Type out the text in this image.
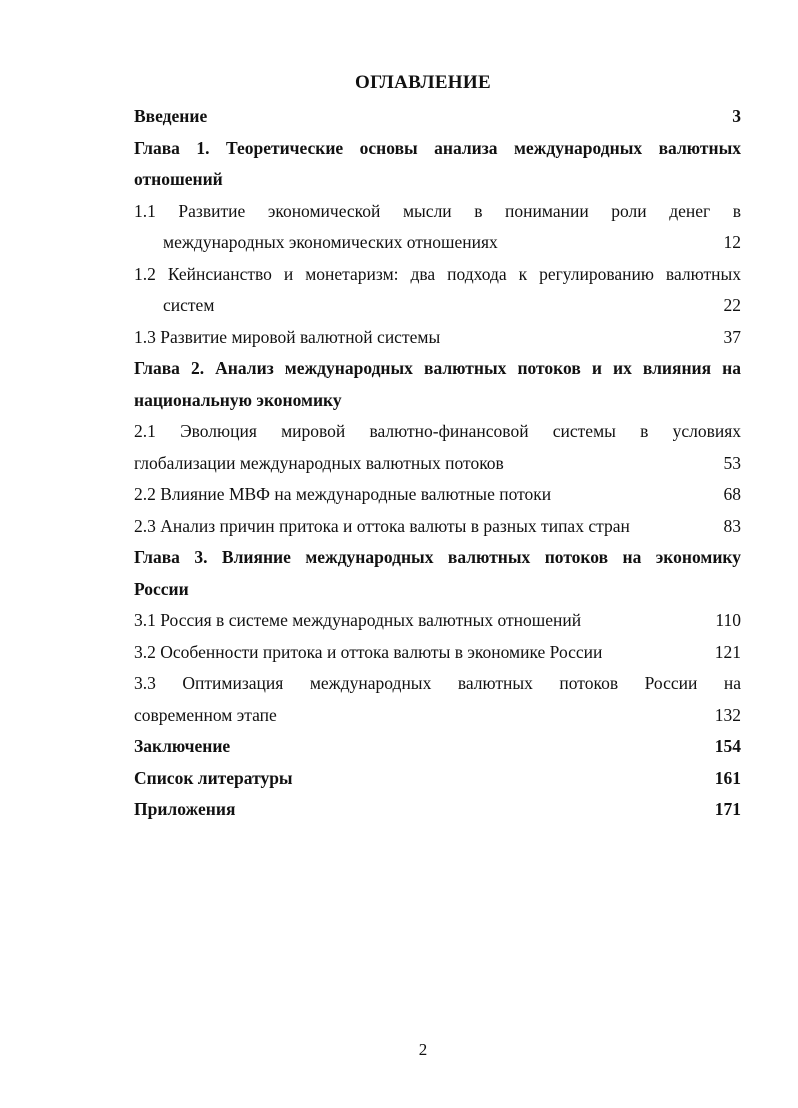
ОГЛАВЛЕНИЕ
Введение	3
Глава 1. Теоретические основы анализа международных валютных
отношений
1.1 Развитие экономической мысли в понимании роли денег в
международных экономических отношениях	12
1.2 Кейнсианство и монетаризм: два подхода к регулированию валютных
систем	22
1.3 Развитие мировой валютной системы	37
Глава 2. Анализ международных валютных потоков и их влияния на
национальную экономику
2.1 Эволюция мировой валютно-финансовой системы в условиях
глобализации международных валютных потоков	53
2.2 Влияние МВФ на международные валютные потоки	68
2.3 Анализ причин притока и оттока валюты в разных типах стран	83
Глава 3. Влияние международных валютных потоков на экономику
России
3.1 Россия в системе международных валютных отношений	110
3.2 Особенности притока и оттока валюты в экономике России	121
3.3 Оптимизация международных валютных потоков России на
современном этапе	132
Заключение	154
Список литературы	161
Приложения	171
2
